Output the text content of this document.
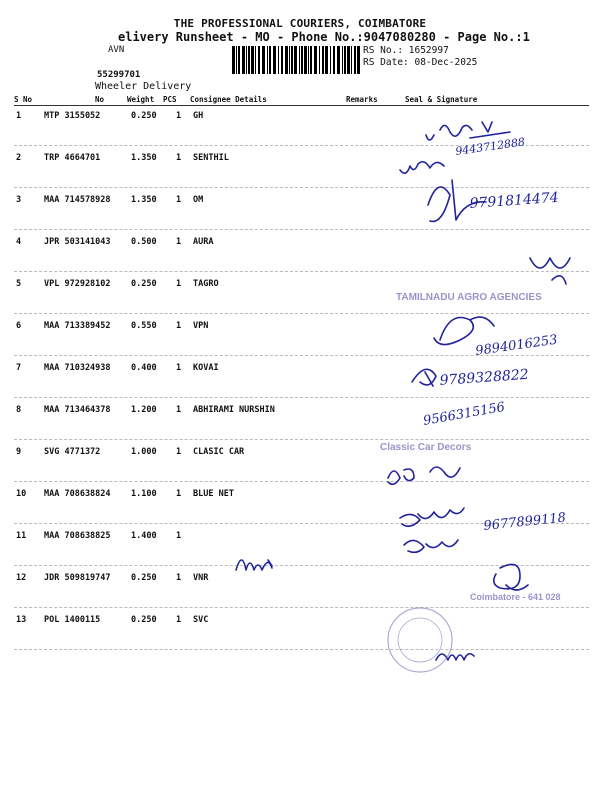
THE PROFESSIONAL COURIERS, COIMBATORE
elivery Runsheet - MO - Phone No.:9047080280 - Page No.:1
AVN
55299701
Wheeler Delivery
RS No.: 1652997
RS Date: 08-Dec-2025
S No	No	Weight PCS Consignee Details	Remarks	Seal & Signature
1	MTP 3155052	0.250 1 GH
2	TRP 4664701	1.350 1 SENTHIL
3	MAA 714578928 1.350 1 OM
4	JPR 503141043 0.500 1 AURA
5	VPL 972928102 0.250 1 TAGRO
6	MAA 713389452 0.550 1 VPN
7	MAA 710324938 0.400 1 KOVAI
8	MAA 713464378 1.200 1 ABHIRAMI NURSHIN
9	SVG 4771372	1.000 1 CLASIC CAR
10 MAA 708638824 1.100 1 BLUE NET
11 MAA 708638825 1.400 1
12 JDR 509819747 0.250 1 VNR
13 POL 1400115	0.250 1 SVC
9443712888
9791814474
9894016253
9789328822
9566315156
9677899118
TAMILNADU AGRO AGENCIES
Classic Car Decors
Coimbatore - 641 028
